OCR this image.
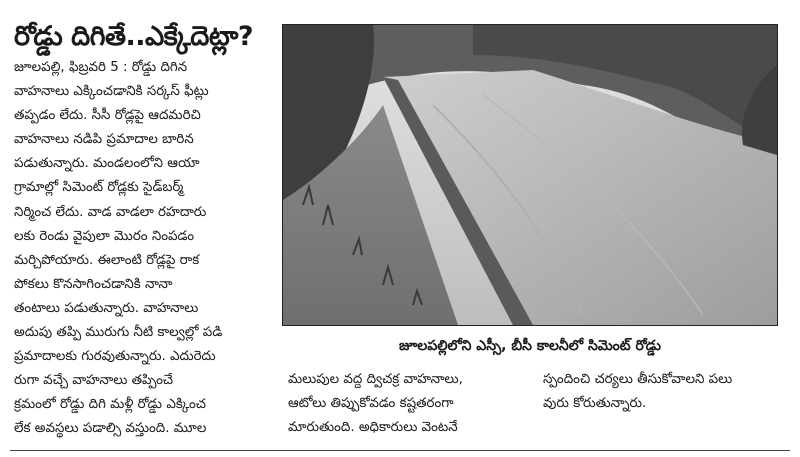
రోడ్డు దిగితే..ఎక్కేదెట్లా?
జూలపల్లి, ఫిబ్రవరి 5 : రోడ్డు దిగిన
వాహనాలు ఎక్కించడానికి సర్కస్ ఫీట్లు
తప్పడం లేదు. సీసీ రోడ్లపై ఆదమరిచి
వాహనాలు నడిపి ప్రమాదాల బారిన
పడుతున్నారు. మండలంలోని ఆయా
గ్రామాల్లో సిమెంట్ రోడ్లకు సైడ్‌బర్మ్
నిర్మించ లేదు. వాడ వాడలా రహదారు
లకు రెండు వైపులా మొరం నింపడం
మర్చిపోయారు. ఈలాంటి రోడ్లపై రాక
పోకలు కొనసాగించడానికి నానా
తంటాలు పడుతున్నారు. వాహనాలు
అదుపు తప్పి మురుగు నీటి కాల్వల్లో పడి
ప్రమాదాలకు గురవుతున్నారు. ఎదురెదు
రుగా వచ్చే వాహనాలు తప్పించే
క్రమంలో రోడ్డు దిగి మళ్లీ రోడ్డు ఎక్కించ
లేక అవస్థలు పడాల్సి వస్తుంది. మూల
జూలపల్లిలోని ఎస్సీ, బీసీ కాలనీలో సిమెంట్ రోడ్డు
మలుపుల వద్ద ద్విచక్ర వాహనాలు,
ఆటోలు తిప్పుకోవడం కష్టతరంగా
మారుతుంది. అధికారులు వెంటనే
స్పందించి చర్యలు తీసుకోవాలని పలు
వురు కోరుతున్నారు.
